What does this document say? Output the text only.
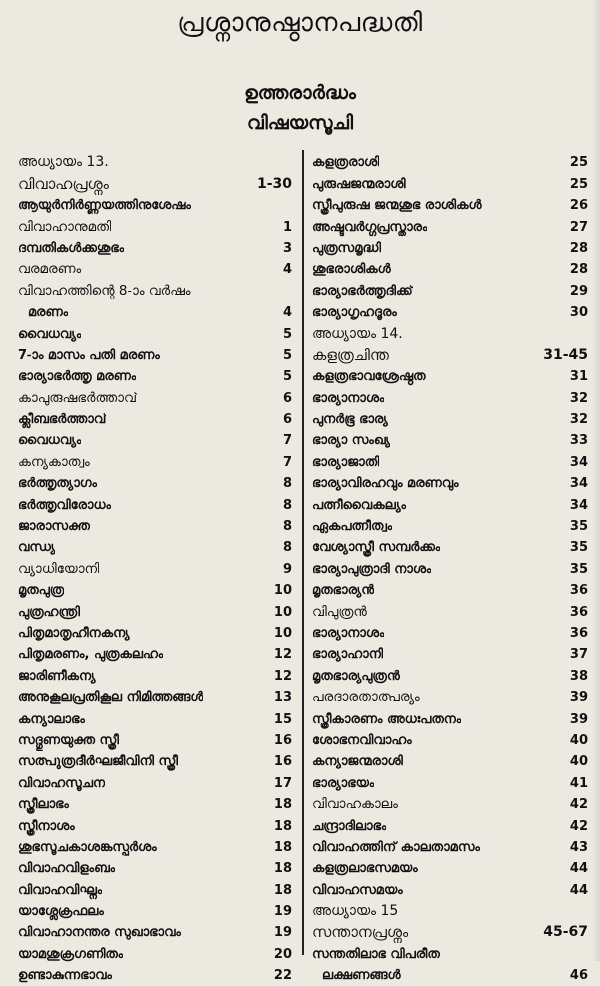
പ്രശ്നാനുഷ്ഠാനപദ്ധതി
ഉത്തരാർദ്ധം
വിഷയസൂചി
അധ്യായം 13.
വിവാഹപ്രശ്നം	1-30
ആയുർനിർണ്ണയത്തിനുശേഷം
വിവാഹാനുമതി	1
ദമ്പതികൾക്കശുഭം	3
വരമരണം	4
വിവാഹത്തിന്റെ 8-ാം വർഷം
മരണം	4
വൈധവ്യം	5
7-ാം മാസം പതി മരണം	5
ഭാര്യാഭർത്തൃ മരണം	5
കാപുരുഷഭർത്താവ്	6
ക്ലീബഭർത്താവ്	6
വൈധവ്യം	7
കന്യകാത്വം	7
ഭർത്തൃത്യാഗം	8
ഭർത്തൃവിരോധം	8
ജാരാസക്ത	8
വന്ധ്യ	8
വ്യാധിയോനി	9
മൃതപുത്ര	10
പുത്രഹന്ത്രി	10
പിതൃമാതൃഹീനകന്യ	10
പിതൃമരണം, പുത്രകലഹം	12
ജാരിണീകന്യ	12
അനുകൂലപ്രതികൂല നിമിത്തങ്ങൾ	13
കന്യാലാഭം	15
സദ്ഗുണയുക്ത സ്ത്രീ	16
സത്പുത്രദീർഘജീവിനി സ്ത്രീ	16
വിവാഹസൂചന	17
സ്ത്രീലാഭം	18
സ്ത്രീനാശം	18
ശുഭസൂചകാശങ്കസ്പർശം	18
വിവാഹവിളംബം	18
വിവാഹവിഘ്നം	18
യാശ്ലേക്രഫലം	19
വിവാഹാനന്തര സുഖാഭാവം	19
യാമശുക്രഗണിതം	20
ഉണ്ടാകുന്നഭാവം	22
കളത്രരാശി	25
പുരുഷജന്മരാശി	25
സ്ത്രീപുരുഷ ജന്മശുഭ രാശികൾ	26
അഷ്ടവർഗ്ഗപ്രസ്താരം	27
പുത്രസമൃദ്ധി	28
ശുഭരാശികൾ	28
ഭാര്യാഭർത്തൃദിക്ക്	29
ഭാര്യാഗൃഹദൂരം	30
അധ്യായം 14.
കളത്രചിന്ത	31-45
കളത്രഭാവശ്രേഷ്ഠത	31
ഭാര്യാനാശം	32
പുനർഭൂ ഭാര്യ	32
ഭാര്യാ സംഖ്യ	33
ഭാര്യാജാതി	34
ഭാര്യാവിരഹവും മരണവും	34
പത്നീവൈകല്യം	34
ഏകപത്നീത്വം	35
വേശ്യാസ്ത്രീ സമ്പർക്കം	35
ഭാര്യാപുത്രാദി നാശം	35
മൃതഭാര്യൻ	36
വിപുത്രൻ	36
ഭാര്യാനാശം	36
ഭാര്യാഹാനി	37
മൃതഭാര്യപുത്രൻ	38
പരദാരതാത്പര്യം	39
സ്ത്രീകാരണം അധഃപതനം	39
ശോഭനവിവാഹം	40
കന്യാജന്മരാശി	40
ഭാര്യാഭയം	41
വിവാഹകാലം	42
ചന്ദ്രാദിലാഭം	42
വിവാഹത്തിന് കാലതാമസം	43
കളത്രലാഭസമയം	44
വിവാഹസമയം	44
അധ്യായം 15
സന്താനപ്രശ്നം	45-67
സന്തതിലാഭ വിപരീത
ലക്ഷണങ്ങൾ	46
